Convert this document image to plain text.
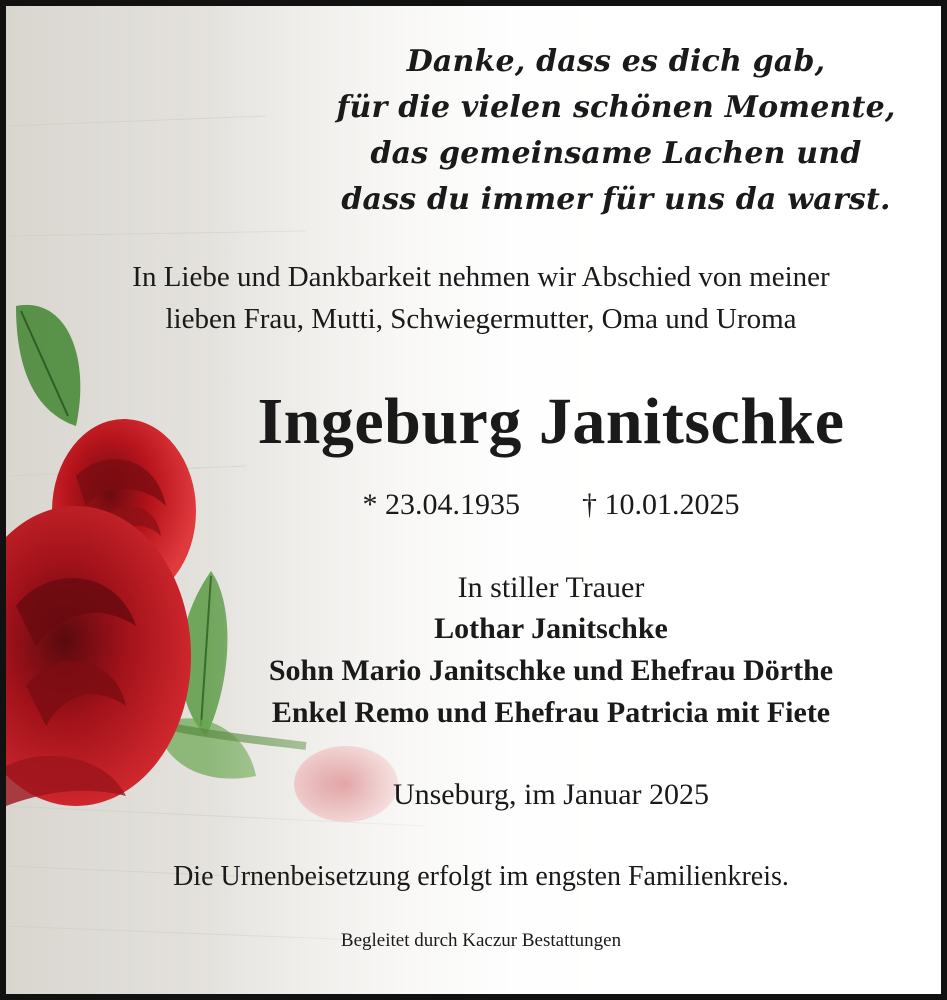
Danke, dass es dich gab,
für die vielen schönen Momente,
das gemeinsame Lachen und
dass du immer für uns da warst.
In Liebe und Dankbarkeit nehmen wir Abschied von meiner
lieben Frau, Mutti, Schwiegermutter, Oma und Uroma
Ingeburg Janitschke
* 23.04.1935 † 10.01.2025
In stiller Trauer
Lothar Janitschke
Sohn Mario Janitschke und Ehefrau Dörthe
Enkel Remo und Ehefrau Patricia mit Fiete
Unseburg, im Januar 2025
Die Urnenbeisetzung erfolgt im engsten Familienkreis.
Begleitet durch Kaczur Bestattungen
